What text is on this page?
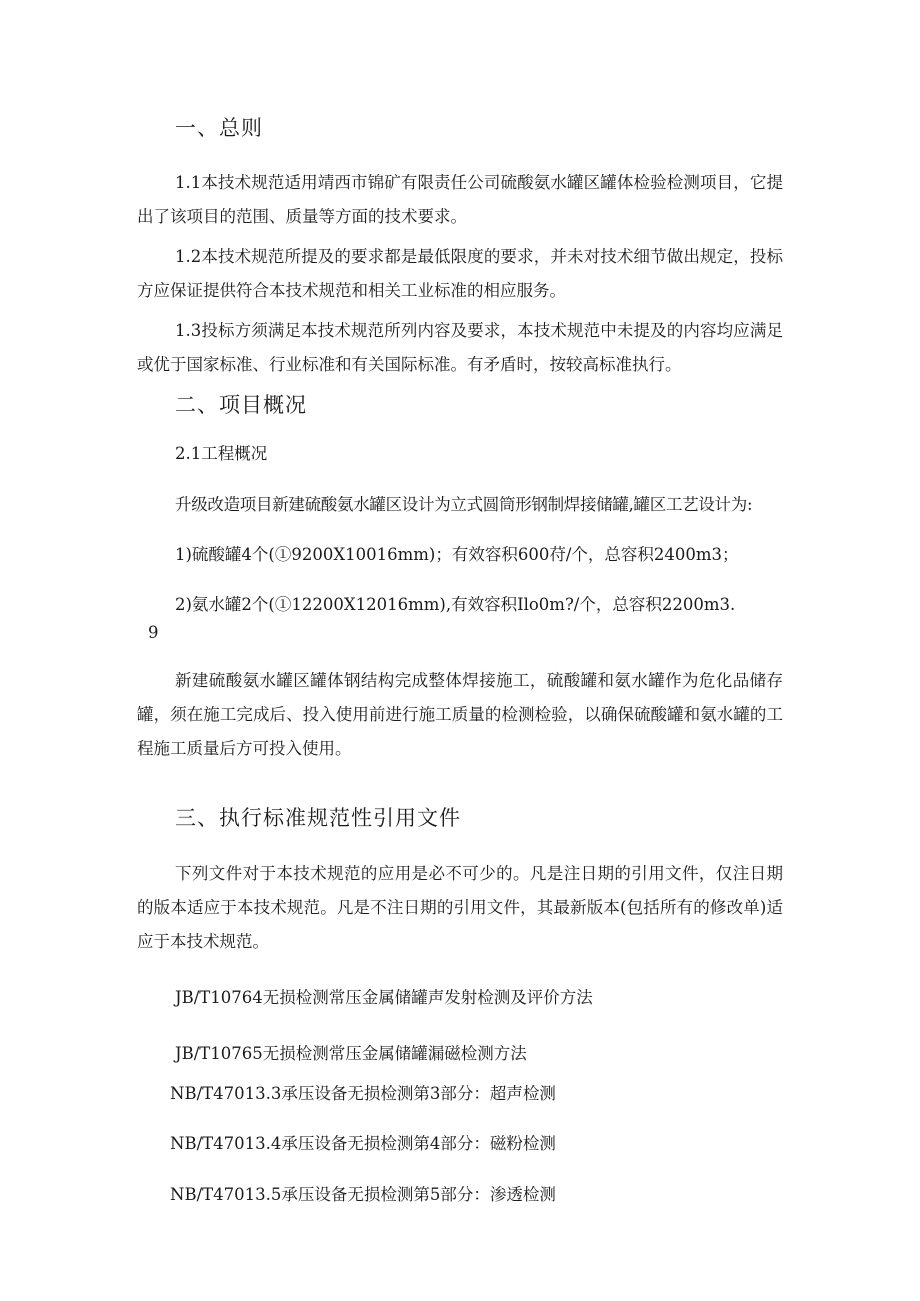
一、总则
1.1本技术规范适用靖西市锦矿有限责任公司硫酸氨水罐区罐体检验检测项目，它提出了该项目的范围、质量等方面的技术要求。
1.2本技术规范所提及的要求都是最低限度的要求，并未对技术细节做出规定，投标方应保证提供符合本技术规范和相关工业标准的相应服务。
1.3投标方须满足本技术规范所列内容及要求，本技术规范中未提及的内容均应满足或优于国家标准、行业标准和有关国际标准。有矛盾时，按较高标准执行。
二、项目概况
2.1工程概况
升级改造项目新建硫酸氨水罐区设计为立式圆筒形钢制焊接储罐,罐区工艺设计为:
1)硫酸罐4个(①9200X10016mm)；有效容积600苻/个，总容积2400m3；
2)氨水罐2个(①12200X12016mm),有效容积Ilo0m?/个，总容积2200m3.
9
新建硫酸氨水罐区罐体钢结构完成整体焊接施工，硫酸罐和氨水罐作为危化品储存罐，须在施工完成后、投入使用前进行施工质量的检测检验，以确保硫酸罐和氨水罐的工程施工质量后方可投入使用。
三、执行标准规范性引用文件
下列文件对于本技术规范的应用是必不可少的。凡是注日期的引用文件，仅注日期的版本适应于本技术规范。凡是不注日期的引用文件，其最新版本(包括所有的修改单)适应于本技术规范。
JB/T10764无损检测常压金属储罐声发射检测及评价方法
JB/T10765无损检测常压金属储罐漏磁检测方法
NB/T47013.3承压设备无损检测第3部分：超声检测
NB/T47013.4承压设备无损检测第4部分：磁粉检测
NB/T47013.5承压设备无损检测第5部分：渗透检测
